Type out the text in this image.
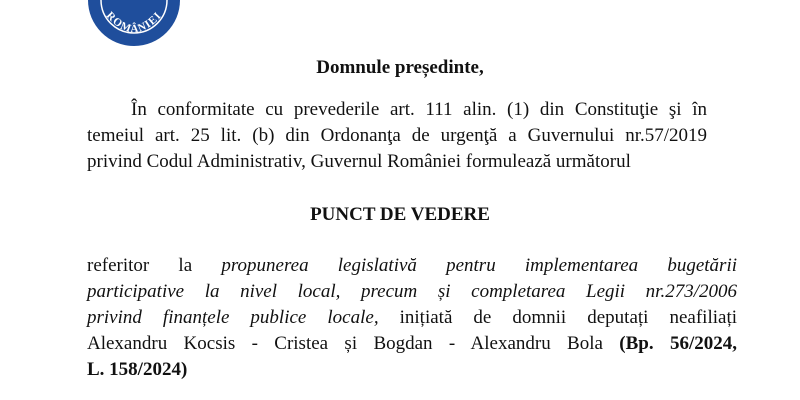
ROMÂNIEI
Domnule președinte,
În conformitate cu prevederile art. 111 alin. (1) din Constituţie şi în
temeiul art. 25 lit. (b) din Ordonanţa de urgenţă a Guvernului nr.57/2019
privind Codul Administrativ, Guvernul României formulează următorul
PUNCT DE VEDERE
referitor la propunerea legislativă pentru implementarea bugetării
participative la nivel local, precum și completarea Legii nr.273/2006
privind finanțele publice locale, inițiată de domnii deputați neafiliați
Alexandru Kocsis - Cristea și Bogdan - Alexandru Bola (Bp. 56/2024,
L. 158/2024)
